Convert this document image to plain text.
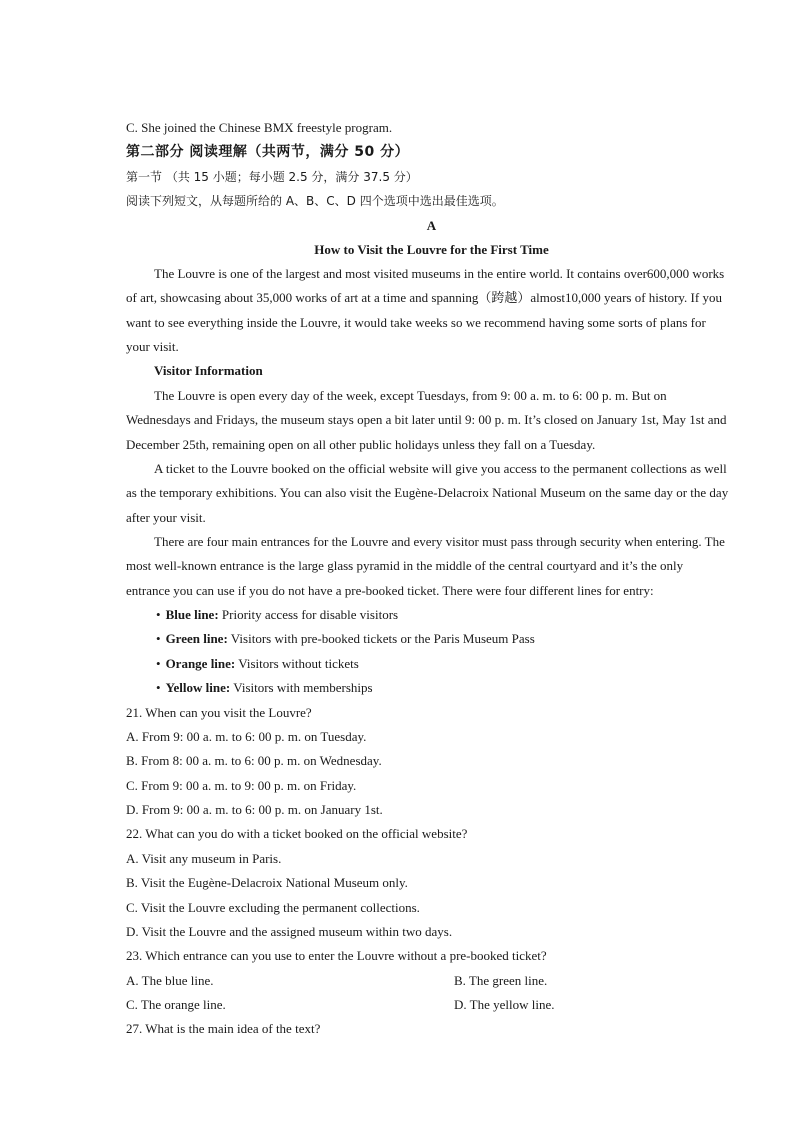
C. She joined the Chinese BMX freestyle program.
第二部分 阅读理解（共两节，满分 50 分）
第一节 （共 15 小题；每小题 2.5 分，满分 37.5 分）
阅读下列短文，从每题所给的 A、B、C、D 四个选项中选出最佳选项。
A
How to Visit the Louvre for the First Time
The Louvre is one of the largest and most visited museums in the entire world. It contains over600,000 works
of art, showcasing about 35,000 works of art at a time and spanning（跨越）almost10,000 years of history. If you
want to see everything inside the Louvre, it would take weeks so we recommend having some sorts of plans for
your visit.
Visitor Information
The Louvre is open every day of the week, except Tuesdays, from 9: 00 a. m. to 6: 00 p. m. But on
Wednesdays and Fridays, the museum stays open a bit later until 9: 00 p. m. It’s closed on January 1st, May 1st and
December 25th, remaining open on all other public holidays unless they fall on a Tuesday.
A ticket to the Louvre booked on the official website will give you access to the permanent collections as well
as the temporary exhibitions. You can also visit the Eugène-Delacroix National Museum on the same day or the day
after your visit.
There are four main entrances for the Louvre and every visitor must pass through security when entering. The
most well-known entrance is the large glass pyramid in the middle of the central courtyard and it’s the only
entrance you can use if you do not have a pre-booked ticket. There were four different lines for entry:
• Blue line: Priority access for disable visitors
• Green line: Visitors with pre-booked tickets or the Paris Museum Pass
• Orange line: Visitors without tickets
• Yellow line: Visitors with memberships
21. When can you visit the Louvre?
A. From 9: 00 a. m. to 6: 00 p. m. on Tuesday.
B. From 8: 00 a. m. to 6: 00 p. m. on Wednesday.
C. From 9: 00 a. m. to 9: 00 p. m. on Friday.
D. From 9: 00 a. m. to 6: 00 p. m. on January 1st.
22. What can you do with a ticket booked on the official website?
A. Visit any museum in Paris.
B. Visit the Eugène-Delacroix National Museum only.
C. Visit the Louvre excluding the permanent collections.
D. Visit the Louvre and the assigned museum within two days.
23. Which entrance can you use to enter the Louvre without a pre-booked ticket?
A. The blue line.	B. The green line.
C. The orange line.	D. The yellow line.
27. What is the main idea of the text?
